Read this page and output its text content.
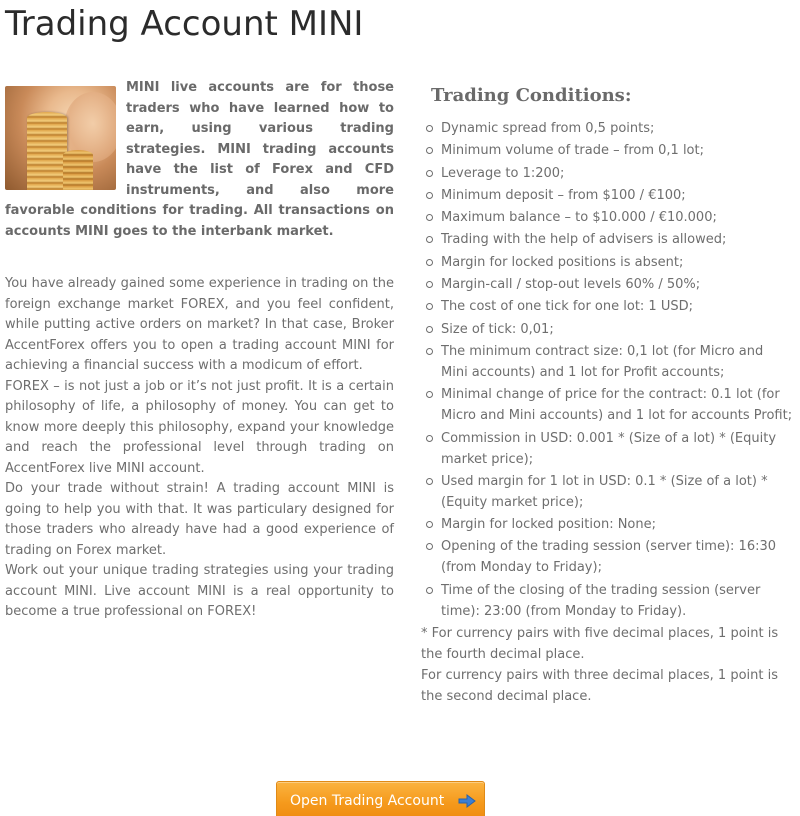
Trading Account MINI

MINI live accounts are for those traders who have learned how to earn, using various trading strategies. MINI trading accounts have the list of Forex and CFD instruments, and also more favorable conditions for trading. All transactions on accounts MINI goes to the interbank market.

You have already gained some experience in trading on the foreign exchange market FOREX, and you feel confident, while putting active orders on market? In that case, Broker AccentForex offers you to open a trading account MINI for achieving a financial success with a modicum of effort.

FOREX – is not just a job or it’s not just profit. It is a certain philosophy of life, a philosophy of money. You can get to know more deeply this philosophy, expand your knowledge and reach the professional level through trading on AccentForex live MINI account.

Do your trade without strain! A trading account MINI is going to help you with that. It was particulary designed for those traders who already have had a good experience of trading on Forex market.

Work out your unique trading strategies using your trading account MINI. Live account MINI is a real opportunity to become a true professional on FOREX!

Trading Conditions:
Dynamic spread from 0,5 points;
Minimum volume of trade – from 0,1 lot;
Leverage to 1:200;
Minimum deposit – from $100 / €100;
Maximum balance – to $10.000 / €10.000;
Trading with the help of advisers is allowed;
Margin for locked positions is absent;
Margin-call / stop-out levels 60% / 50%;
The cost of one tick for one lot: 1 USD;
Size of tick: 0,01;
The minimum contract size: 0,1 lot (for Micro and Mini accounts) and 1 lot for Profit accounts;
Minimal change of price for the contract: 0.1 lot (for Micro and Mini accounts) and 1 lot for accounts Profit;
Commission in USD: 0.001 * (Size of a lot) * (Equity market price);
Used margin for 1 lot in USD: 0.1 * (Size of a lot) * (Equity market price);
Margin for locked position: None;
Opening of the trading session (server time): 16:30 (from Monday to Friday);
Time of the closing of the trading session (server time): 23:00 (from Monday to Friday).

* For currency pairs with five decimal places, 1 point is the fourth decimal place.

For currency pairs with three decimal places, 1 point is the second decimal place.

Open Trading Account
